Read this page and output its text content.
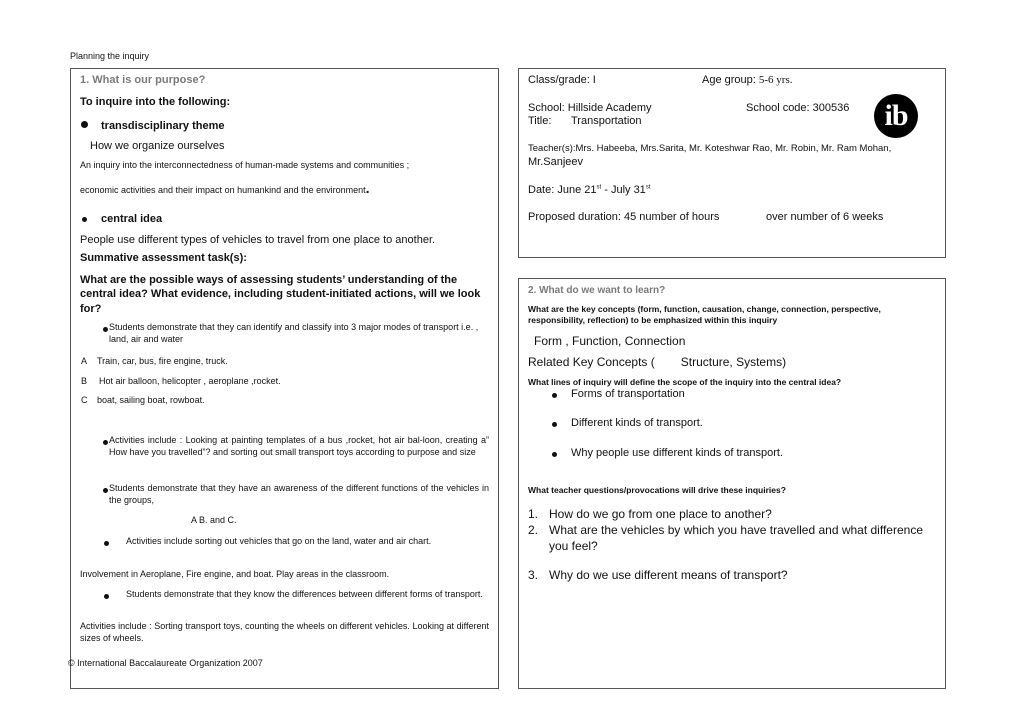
Planning the inquiry
1. What is our purpose?
To inquire into the following:
transdisciplinary theme
How we organize ourselves
An inquiry into the interconnectedness of human-made systems and communities ;
economic activities and their impact on humankind and the environment.
central idea
People use different types of vehicles to travel from one place to another.
Summative assessment task(s):
What are the possible ways of assessing students’ understanding of the central idea? What evidence, including student-initiated actions, will we look for?
Students demonstrate that they can identify and classify into 3 major modes of transport i.e. , land, air and water
A Train, car, bus, fire engine, truck.
B Hot air balloon, helicopter , aeroplane ,rocket.
C boat, sailing boat, rowboat.
Activities include : Looking at painting templates of a bus ,rocket, hot air bal-loon, creating a” How have you travelled”? and sorting out small transport toys according to purpose and size
Students demonstrate that they have an awareness of the different functions of the vehicles in the groups,
A B. and C.
Activities include sorting out vehicles that go on the land, water and air chart.
Involvement in Aeroplane, Fire engine, and boat. Play areas in the classroom.
Students demonstrate that they know the differences between different forms of transport.
Activities include : Sorting transport toys, counting the wheels on different vehicles. Looking at different sizes of wheels.
© International Baccalaureate Organization 2007
Class/grade: I	Age group: 5-6 yrs.
School: Hillside Academy	School code: 300536
Title: Transportation	ib
Teacher(s):Mrs. Habeeba, Mrs.Sarita, Mr. Koteshwar Rao, Mr. Robin, Mr. Ram Mohan,  Mr.Sanjeev
Date: June 21st - July 31st
Proposed duration: 45 number of hours	over number of 6 weeks
2. What do we want to learn?
What are the key concepts (form, function, causation, change, connection, perspective, responsibility, reflection) to be emphasized within this inquiry
Form , Function, Connection
Related Key Concepts ( Structure, Systems)
What lines of inquiry will define the scope of the inquiry into the central idea?
Forms of transportation
Different kinds of transport.
Why people use different kinds of transport.
What teacher questions/provocations will drive these inquiries?
1. How do we go from one place to another?
2. What are the vehicles by which you have travelled and what difference you feel?
3. Why do we use different means of transport?
